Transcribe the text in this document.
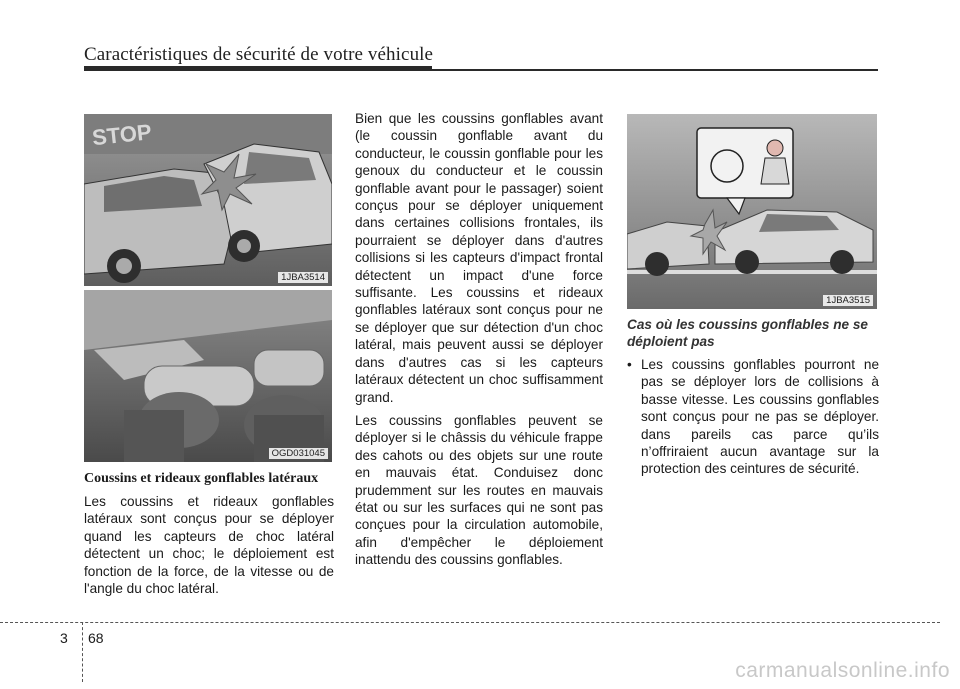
Caractéristiques de sécurité de votre véhicule
STOP
1JBA3514
OGD031045
Coussins et rideaux gonflables latéraux

Les coussins et rideaux gonflables latéraux sont conçus pour se déployer quand les capteurs de choc latéral détectent un choc; le déploiement est fonction de la force, de la vitesse ou de l'angle du choc latéral.

Bien que les coussins gonflables avant (le coussin gonflable avant du conducteur, le coussin gonflable pour les genoux du conducteur et le coussin gonflable avant pour le passager) soient conçus pour se déployer uniquement dans certaines collisions frontales, ils pourraient se déployer dans d'autres collisions si les capteurs d'impact frontal détectent un impact d'une force suffisante. Les coussins et rideaux gonflables latéraux sont conçus pour ne se déployer que sur détection d'un choc latéral, mais peuvent aussi se déployer dans d'autres cas si les capteurs latéraux détectent un choc suffisamment grand.

Les coussins gonflables peuvent se déployer si le châssis du véhicule frappe des cahots ou des objets sur une route en mauvais état. Conduisez donc prudemment sur les routes en mauvais état ou sur les surfaces qui ne sont pas conçues pour la circulation automobile, afin d'empêcher le déploiement inattendu des coussins gonflables.

1JBA3515
Cas où les coussins gonflables ne se déploient pas
• Les coussins gonflables pourront ne pas se déployer lors de collisions à basse vitesse. Les coussins gonflables sont conçus pour ne pas se déployer. dans pareils cas parce qu’ils n’offriraient aucun avantage sur la protection des ceintures de sécurité.
3 68
carmanualsonline.info
